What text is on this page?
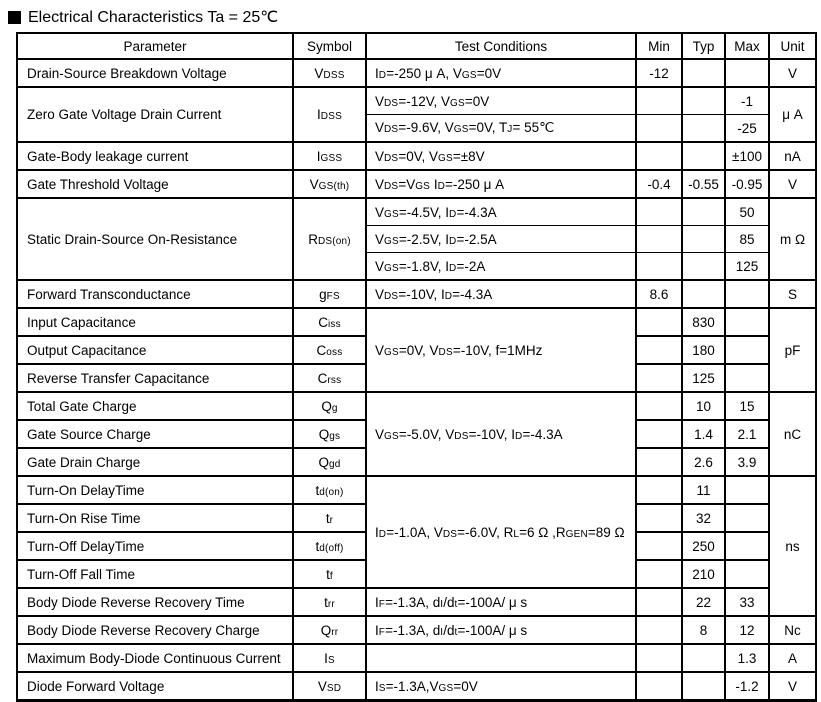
Electrical Characteristics Ta = 25℃
Parameter	Symbol	Test Conditions	Min	Typ	Max	Unit
Drain-Source Breakdown Voltage	VDSS	ID=-250 μ A, VGS=0V	-12			V
Zero Gate Voltage Drain Current	IDSS	VDS=-12V, VGS=0V			-1	μ A
		VDS=-9.6V, VGS=0V, TJ= 55℃			-25	
Gate-Body leakage current	IGSS	VDS=0V, VGS=±8V			±100	nA
Gate Threshold Voltage	VGS(th)	VDS=VGS ID=-250 μ A	-0.4	-0.55	-0.95	V
Static Drain-Source On-Resistance	RDS(on)	VGS=-4.5V, ID=-4.3A			50	m Ω
		VGS=-2.5V, ID=-2.5A			85	
		VGS=-1.8V, ID=-2A			125	
Forward Transconductance	gFS	VDS=-10V, ID=-4.3A	8.6			S
Input Capacitance	Ciss	VGS=0V, VDS=-10V, f=1MHz		830		pF
Output Capacitance	Coss			180		
Reverse Transfer Capacitance	Crss			125		
Total Gate Charge	Qg	VGS=-5.0V, VDS=-10V, ID=-4.3A		10	15	nC
Gate Source Charge	Qgs			1.4	2.1	
Gate Drain Charge	Qgd			2.6	3.9	
Turn-On DelayTime	td(on)	ID=-1.0A, VDS=-6.0V, RL=6 Ω ,RGEN=89 Ω		11		ns
Turn-On Rise Time	tr			32		
Turn-Off DelayTime	td(off)			250		
Turn-Off Fall Time	tf			210		
Body Diode Reverse Recovery Time	trr	IF=-1.3A, dI/dt=-100A/ μ s		22	33	
Body Diode Reverse Recovery Charge	Qrr	IF=-1.3A, dI/dt=-100A/ μ s		8	12	Nc
Maximum Body-Diode Continuous Current	IS				1.3	A
Diode Forward Voltage	VSD	IS=-1.3A,VGS=0V			-1.2	V
